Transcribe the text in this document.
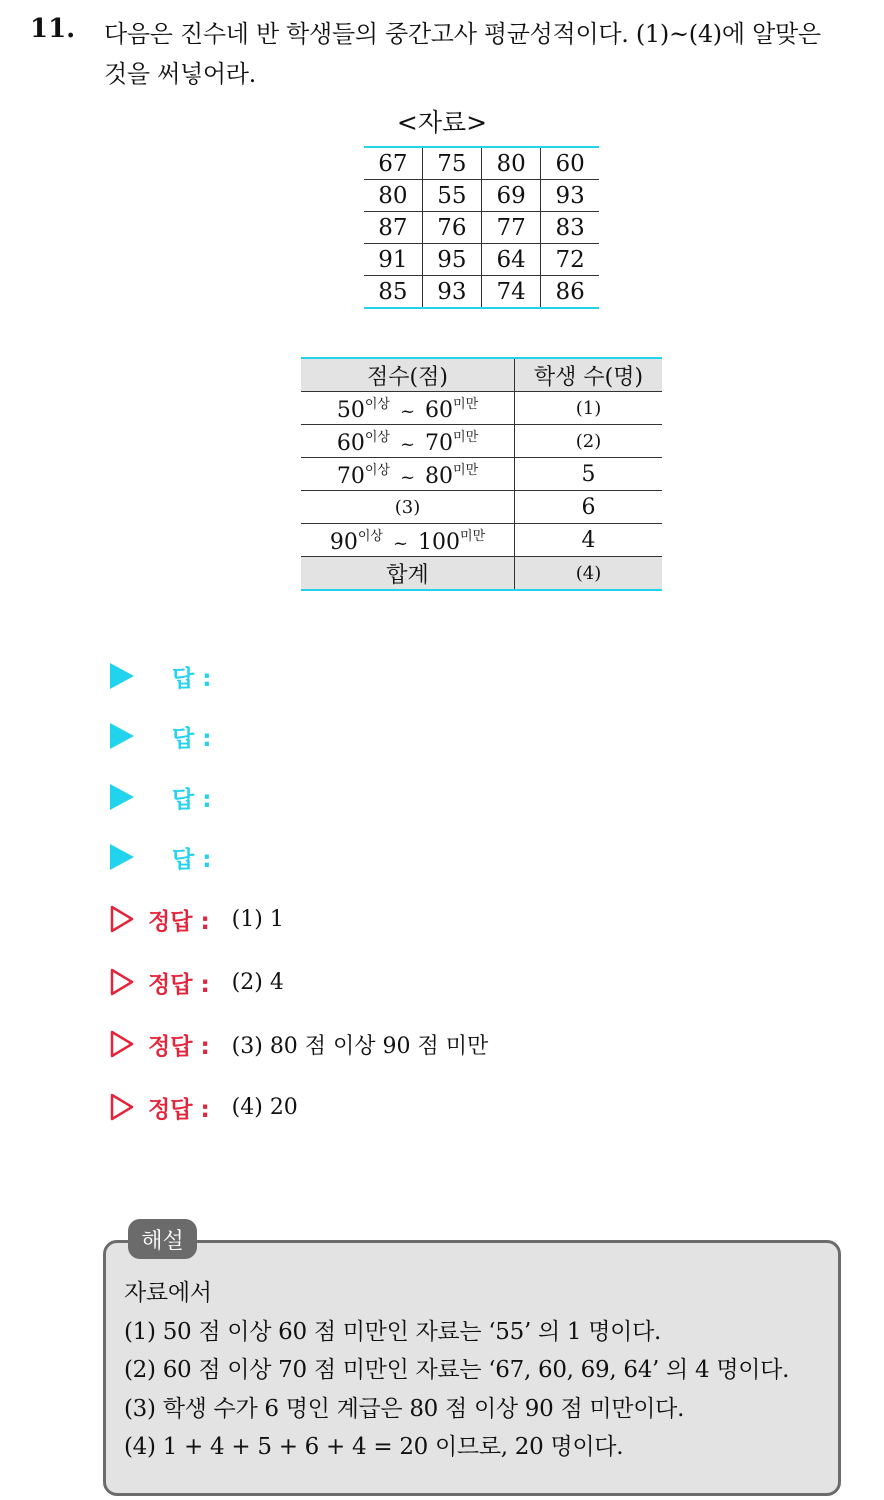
11. 다음은 진수네 반 학생들의 중간고사 평균성적이다. (1)~(4)에 알맞은
것을 써넣어라.
<자료>
67	75	80	60
80	55	69	93
87	76	77	83
91	95	64	72
85	93	74	86
점수(점)	학생 수(명)
$50^{이상}$ ~ $60^{미만}$	(1)
$60^{이상}$ ~ $70^{미만}$	(2)
$70^{이상}$ ~ $80^{미만}$	5
(3)	6
$90^{이상}$ ~ $100^{미만}$	4
합계	(4)
답 :
답 :
답 :
답 :
정답 : (1) 1
정답 : (2) 4
정답 : (3) 80 점 이상 90 점 미만
정답 : (4) 20
해설
자료에서
(1) 50 점 이상 60 점 미만인 자료는 ‘55’ 의 1 명이다.
(2) 60 점 이상 70 점 미만인 자료는 ‘67, 60, 69, 64’ 의 4 명이다.
(3) 학생 수가 6 명인 계급은 80 점 이상 90 점 미만이다.
(4) 1 + 4 + 5 + 6 + 4 = 20 이므로, 20 명이다.
